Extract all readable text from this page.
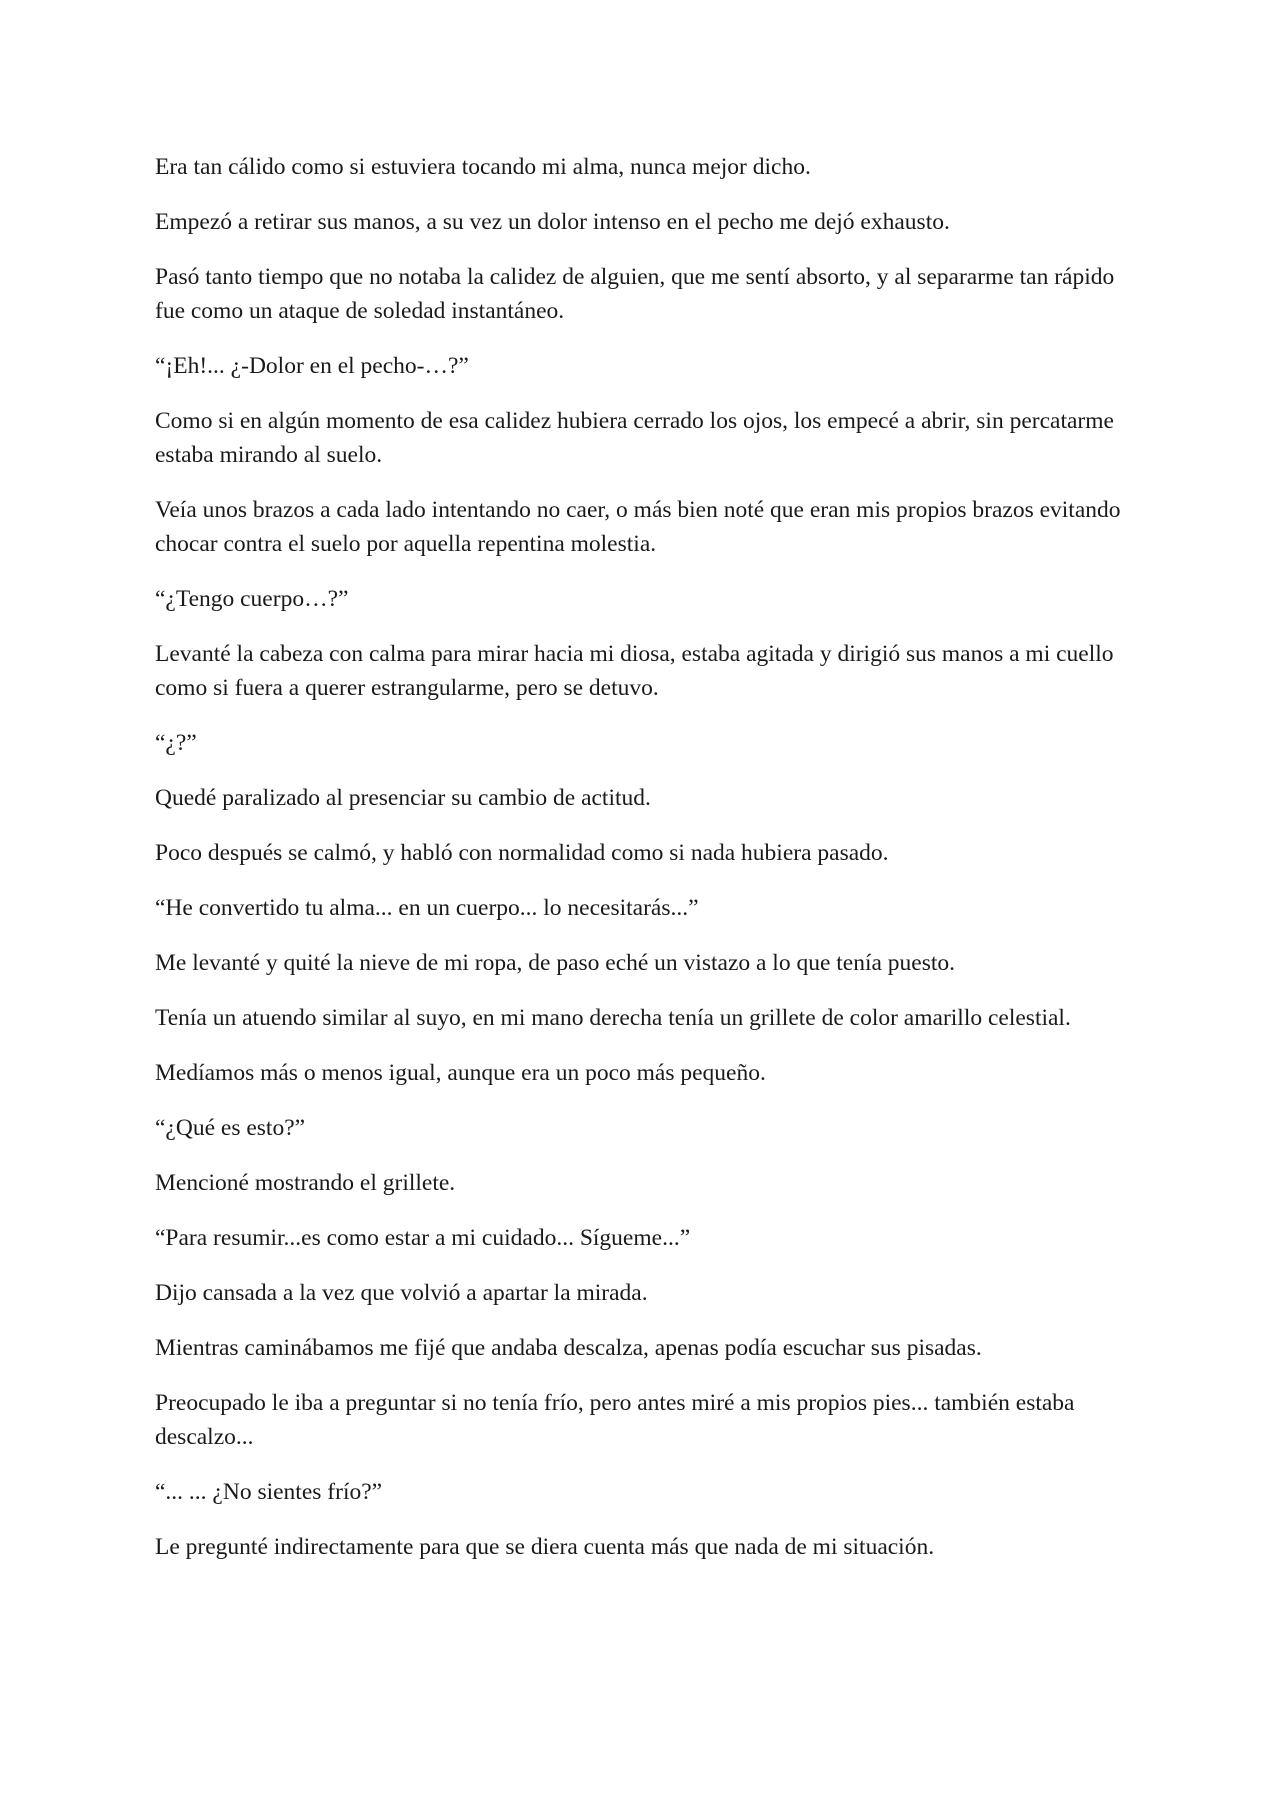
Era tan cálido como si estuviera tocando mi alma, nunca mejor dicho.

Empezó a retirar sus manos, a su vez un dolor intenso en el pecho me dejó exhausto.

Pasó tanto tiempo que no notaba la calidez de alguien, que me sentí absorto, y al separarme tan rápido fue como un ataque de soledad instantáneo.

“¡Eh!... ¿-Dolor en el pecho-…?”

Como si en algún momento de esa calidez hubiera cerrado los ojos, los empecé a abrir, sin percatarme estaba mirando al suelo.

Veía unos brazos a cada lado intentando no caer, o más bien noté que eran mis propios brazos evitando chocar contra el suelo por aquella repentina molestia.

“¿Tengo cuerpo…?”

Levanté la cabeza con calma para mirar hacia mi diosa, estaba agitada y dirigió sus manos a mi cuello como si fuera a querer estrangularme, pero se detuvo.

“¿?”

Quedé paralizado al presenciar su cambio de actitud.

Poco después se calmó, y habló con normalidad como si nada hubiera pasado.

“He convertido tu alma... en un cuerpo... lo necesitarás...”

Me levanté y quité la nieve de mi ropa, de paso eché un vistazo a lo que tenía puesto.

Tenía un atuendo similar al suyo, en mi mano derecha tenía un grillete de color amarillo celestial.

Medíamos más o menos igual, aunque era un poco más pequeño.

“¿Qué es esto?”

Mencioné mostrando el grillete.

“Para resumir...es como estar a mi cuidado... Sígueme...”

Dijo cansada a la vez que volvió a apartar la mirada.

Mientras caminábamos me fijé que andaba descalza, apenas podía escuchar sus pisadas.

Preocupado le iba a preguntar si no tenía frío, pero antes miré a mis propios pies... también estaba descalzo...

“... ... ¿No sientes frío?”

Le pregunté indirectamente para que se diera cuenta más que nada de mi situación.
